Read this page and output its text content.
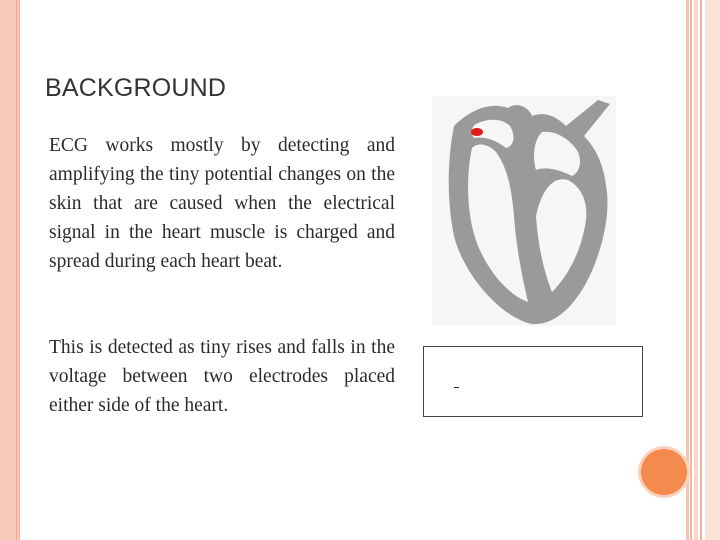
BACKGROUND
ECG works mostly by detecting and amplifying the tiny potential changes on the skin that are caused when the electrical signal in the heart muscle is charged and spread during each heart beat.
This is detected as tiny rises and falls in the voltage between two electrodes placed either side of the heart.
